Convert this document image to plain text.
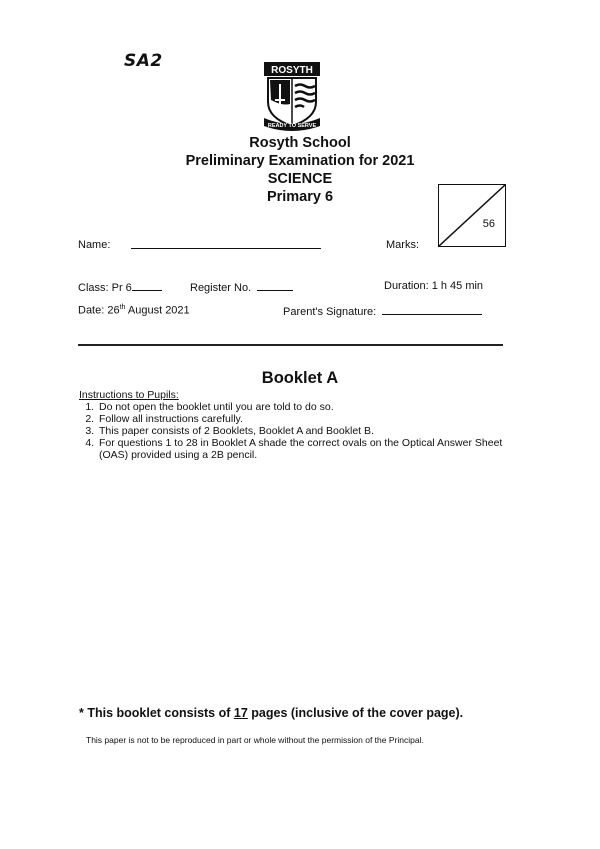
SA2	ROSYTH
READY TO SERVE
Rosyth School
Preliminary Examination for 2021
SCIENCE
Primary 6
56
Name:	Marks:
Class: Pr 6	Register No.	Duration: 1 h 45 min
Date: 26th August 2021	Parent's Signature:
Booklet A
Instructions to Pupils:
1. Do not open the booklet until you are told to do so.
2. Follow all instructions carefully.
3. This paper consists of 2 Booklets, Booklet A and Booklet B.
4. For questions 1 to 28 in Booklet A shade the correct ovals on the Optical Answer Sheet (OAS) provided using a 2B pencil.
* This booklet consists of 17 pages (inclusive of the cover page).
This paper is not to be reproduced in part or whole without the permission of the Principal.
